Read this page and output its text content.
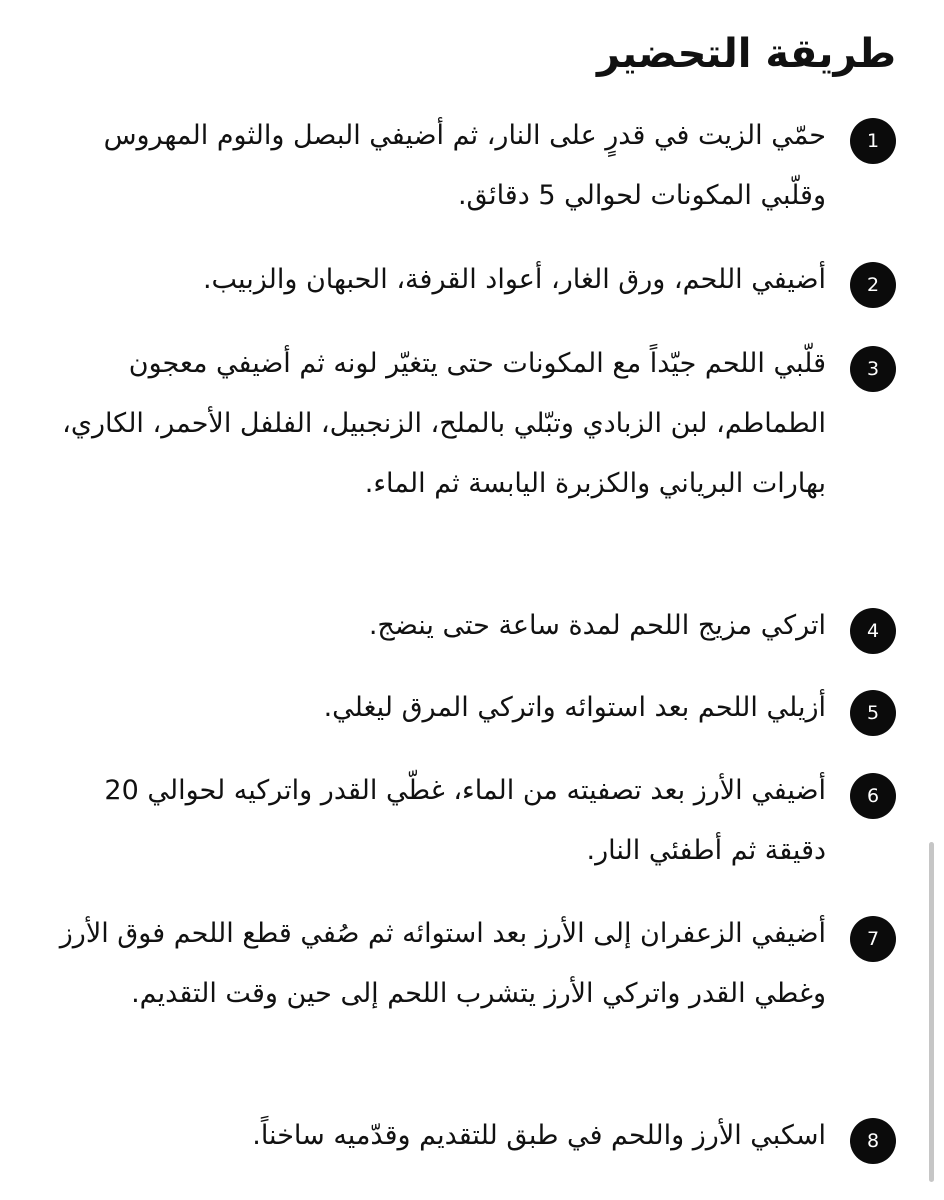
طريقة التحضير
1

حمّي الزيت في قدرٍ على النار، ثم أضيفي البصل والثوم المهروس وقلّبي المكونات لحوالي 5 دقائق.

2

أضيفي اللحم، ورق الغار، أعواد القرفة، الحبهان والزبيب.

3

قلّبي اللحم جيّداً مع المكونات حتى يتغيّر لونه ثم أضيفي معجون الطماطم، لبن الزبادي وتبّلي بالملح، الزنجبيل، الفلفل الأحمر، الكاري، بهارات البرياني والكزبرة اليابسة ثم الماء.

4

اتركي مزيج اللحم لمدة ساعة حتى ينضج.

5

أزيلي اللحم بعد استوائه واتركي المرق ليغلي.

6

أضيفي الأرز بعد تصفيته من الماء، غطّي القدر واتركيه لحوالي 20 دقيقة ثم أطفئي النار.

7

أضيفي الزعفران إلى الأرز بعد استوائه ثم صُفي قطع اللحم فوق الأرز وغطي القدر واتركي الأرز يتشرب اللحم إلى حين وقت التقديم.

8

اسكبي الأرز واللحم في طبق للتقديم وقدّميه ساخناً.
